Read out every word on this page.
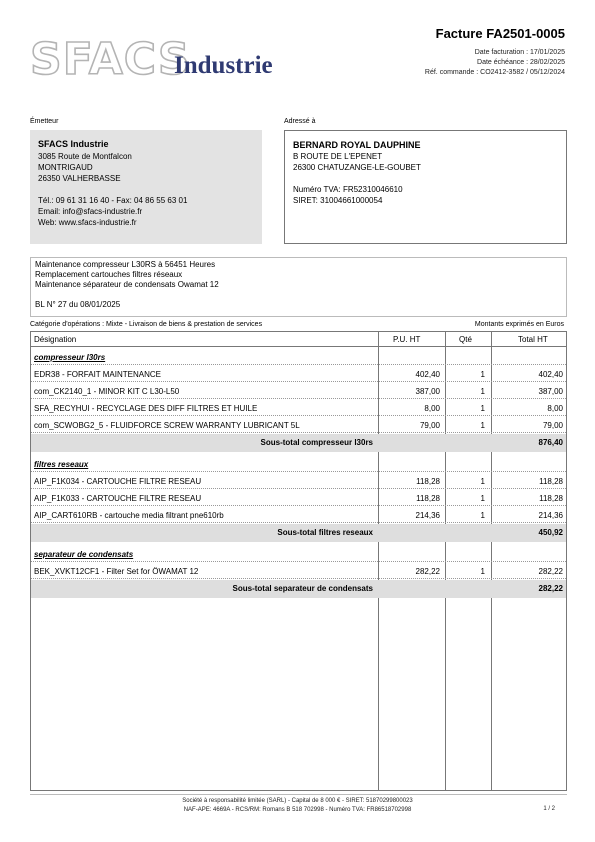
SFACS
Industrie
Facture FA2501-0005
Date facturation : 17/01/2025
Date échéance : 28/02/2025
Réf. commande : CO2412-3582 / 05/12/2024
Émetteur	Adressé à
SFACS Industrie
3085 Route de Montfalcon
MONTRIGAUD
26350 VALHERBASSE
Tél.: 09 61 31 16 40 - Fax: 04 86 55 63 01
Email: info@sfacs-industrie.fr
Web: www.sfacs-industrie.fr
BERNARD ROYAL DAUPHINE
B ROUTE DE L'EPENET
26300 CHATUZANGE-LE-GOUBET
Numéro TVA: FR52310046610
SIRET: 31004661000054
Maintenance compresseur L30RS à 56451 Heures
Remplacement cartouches filtres réseaux
Maintenance séparateur de condensats Owamat 12
BL N° 27 du 08/01/2025
Catégorie d'opérations : Mixte - Livraison de biens & prestation de services	Montants exprimés en Euros
Désignation	P.U. HT	Qté	Total HT
compresseur l30rs
EDR38 - FORFAIT MAINTENANCE	402,40	1	402,40
com_CK2140_1 - MINOR KIT C L30-L50	387,00	1	387,00
SFA_RECYHUI - RECYCLAGE DES DIFF FILTRES ET HUILE	8,00	1	8,00
com_SCWOBG2_5 - FLUIDFORCE SCREW WARRANTY LUBRICANT 5L	79,00	1	79,00
Sous-total compresseur l30rs	876,40
filtres reseaux
AIP_F1K034 - CARTOUCHE FILTRE RESEAU	118,28	1	118,28
AIP_F1K033 - CARTOUCHE FILTRE RESEAU	118,28	1	118,28
AIP_CART610RB - cartouche media filtrant pne610rb	214,36	1	214,36
Sous-total filtres reseaux	450,92
separateur de condensats
BEK_XVKT12CF1 - Filter Set for ÖWAMAT 12	282,22	1	282,22
Sous-total separateur de condensats	282,22
Société à responsabilité limitée (SARL) - Capital de 8 000 € - SIRET: 51870299800023
NAF-APE: 4669A - RCS/RM: Romans B 518 702998 - Numéro TVA: FR86518702998	1 / 2
